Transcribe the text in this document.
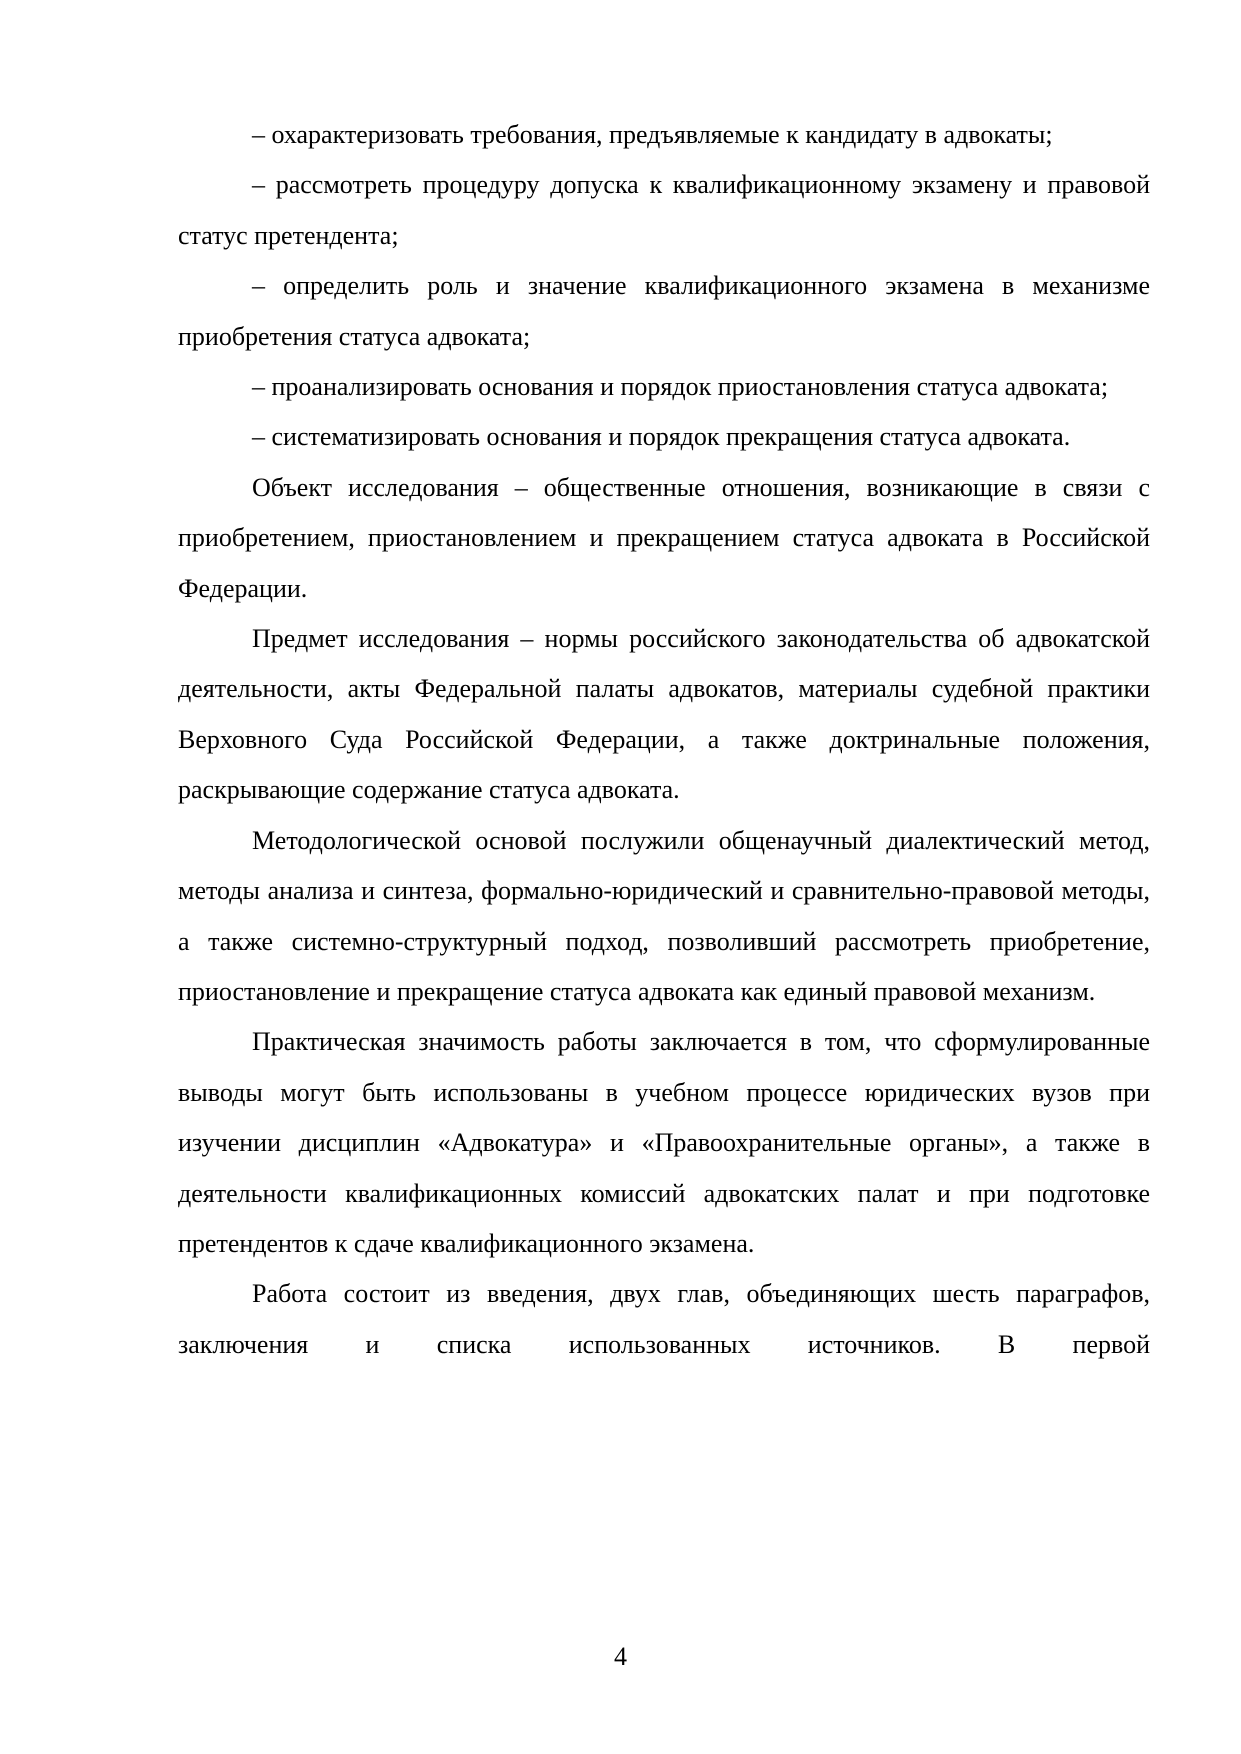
– охарактеризовать требования, предъявляемые к кандидату в адвокаты;

– рассмотреть процедуру допуска к квалификационному экзамену и правовой статус претендента;

– определить роль и значение квалификационного экзамена в механизме приобретения статуса адвоката;

– проанализировать основания и порядок приостановления статуса адвоката;

– систематизировать основания и порядок прекращения статуса адвоката.

Объект исследования – общественные отношения, возникающие в связи с приобретением, приостановлением и прекращением статуса адвоката в Российской Федерации.

Предмет исследования – нормы российского законодательства об адвокатской деятельности, акты Федеральной палаты адвокатов, материалы судебной практики Верховного Суда Российской Федерации, а также доктринальные положения, раскрывающие содержание статуса адвоката.

Методологической основой послужили общенаучный диалектический метод, методы анализа и синтеза, формально-юридический и сравнительно-правовой методы, а также системно-структурный подход, позволивший рассмотреть приобретение, приостановление и прекращение статуса адвоката как единый правовой механизм.

Практическая значимость работы заключается в том, что сформулированные выводы могут быть использованы в учебном процессе юридических вузов при изучении дисциплин «Адвокатура» и «Правоохранительные органы», а также в деятельности квалификационных комиссий адвокатских палат и при подготовке претендентов к сдаче квалификационного экзамена.

Работа состоит из введения, двух глав, объединяющих шесть параграфов, заключения и списка использованных источников. В первой

4
